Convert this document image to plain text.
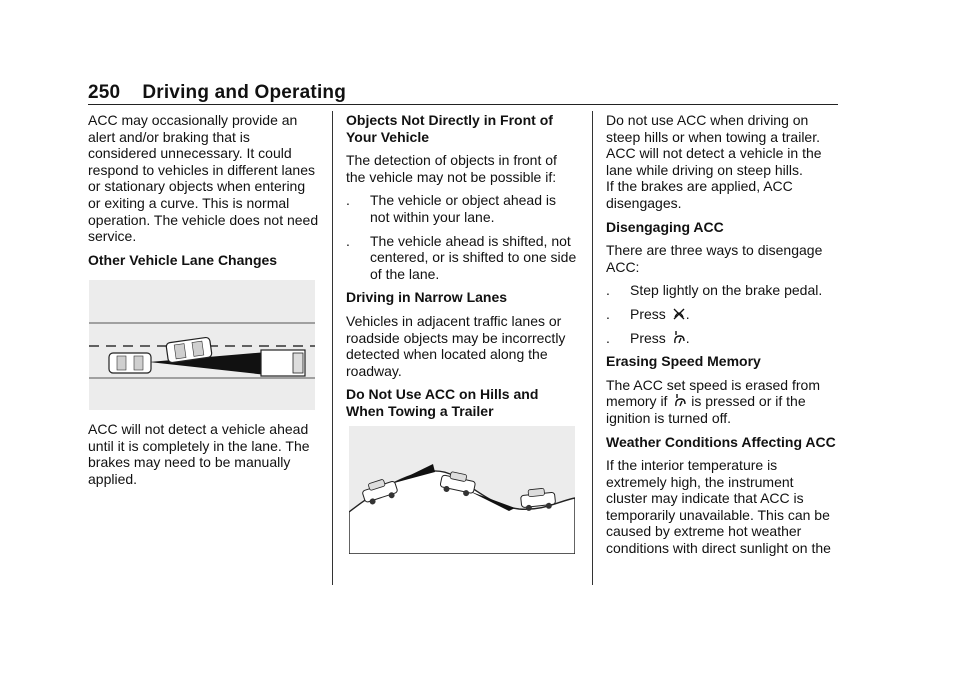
250 Driving and Operating

ACC may occasionally provide an alert and/or braking that is considered unnecessary. It could respond to vehicles in different lanes or stationary objects when entering or exiting a curve. This is normal operation. The vehicle does not need service.

Other Vehicle Lane Changes

ACC will not detect a vehicle ahead until it is completely in the lane. The brakes may need to be manually applied.

Objects Not Directly in Front of Your Vehicle

The detection of objects in front of the vehicle may not be possible if:

.	The vehicle or object ahead is not within your lane.
.	The vehicle ahead is shifted, not centered, or is shifted to one side of the lane.

Driving in Narrow Lanes

Vehicles in adjacent traffic lanes or roadside objects may be incorrectly detected when located along the roadway.

Do Not Use ACC on Hills and When Towing a Trailer

Do not use ACC when driving on steep hills or when towing a trailer. ACC will not detect a vehicle in the lane while driving on steep hills.

If the brakes are applied, ACC disengages.

Disengaging ACC

There are three ways to disengage ACC:

.	Step lightly on the brake pedal.
.	Press .
.	Press .

Erasing Speed Memory

The ACC set speed is erased from memory if is pressed or if the ignition is turned off.

Weather Conditions Affecting ACC

If the interior temperature is extremely high, the instrument cluster may indicate that ACC is temporarily unavailable. This can be caused by extreme hot weather conditions with direct sunlight on the
